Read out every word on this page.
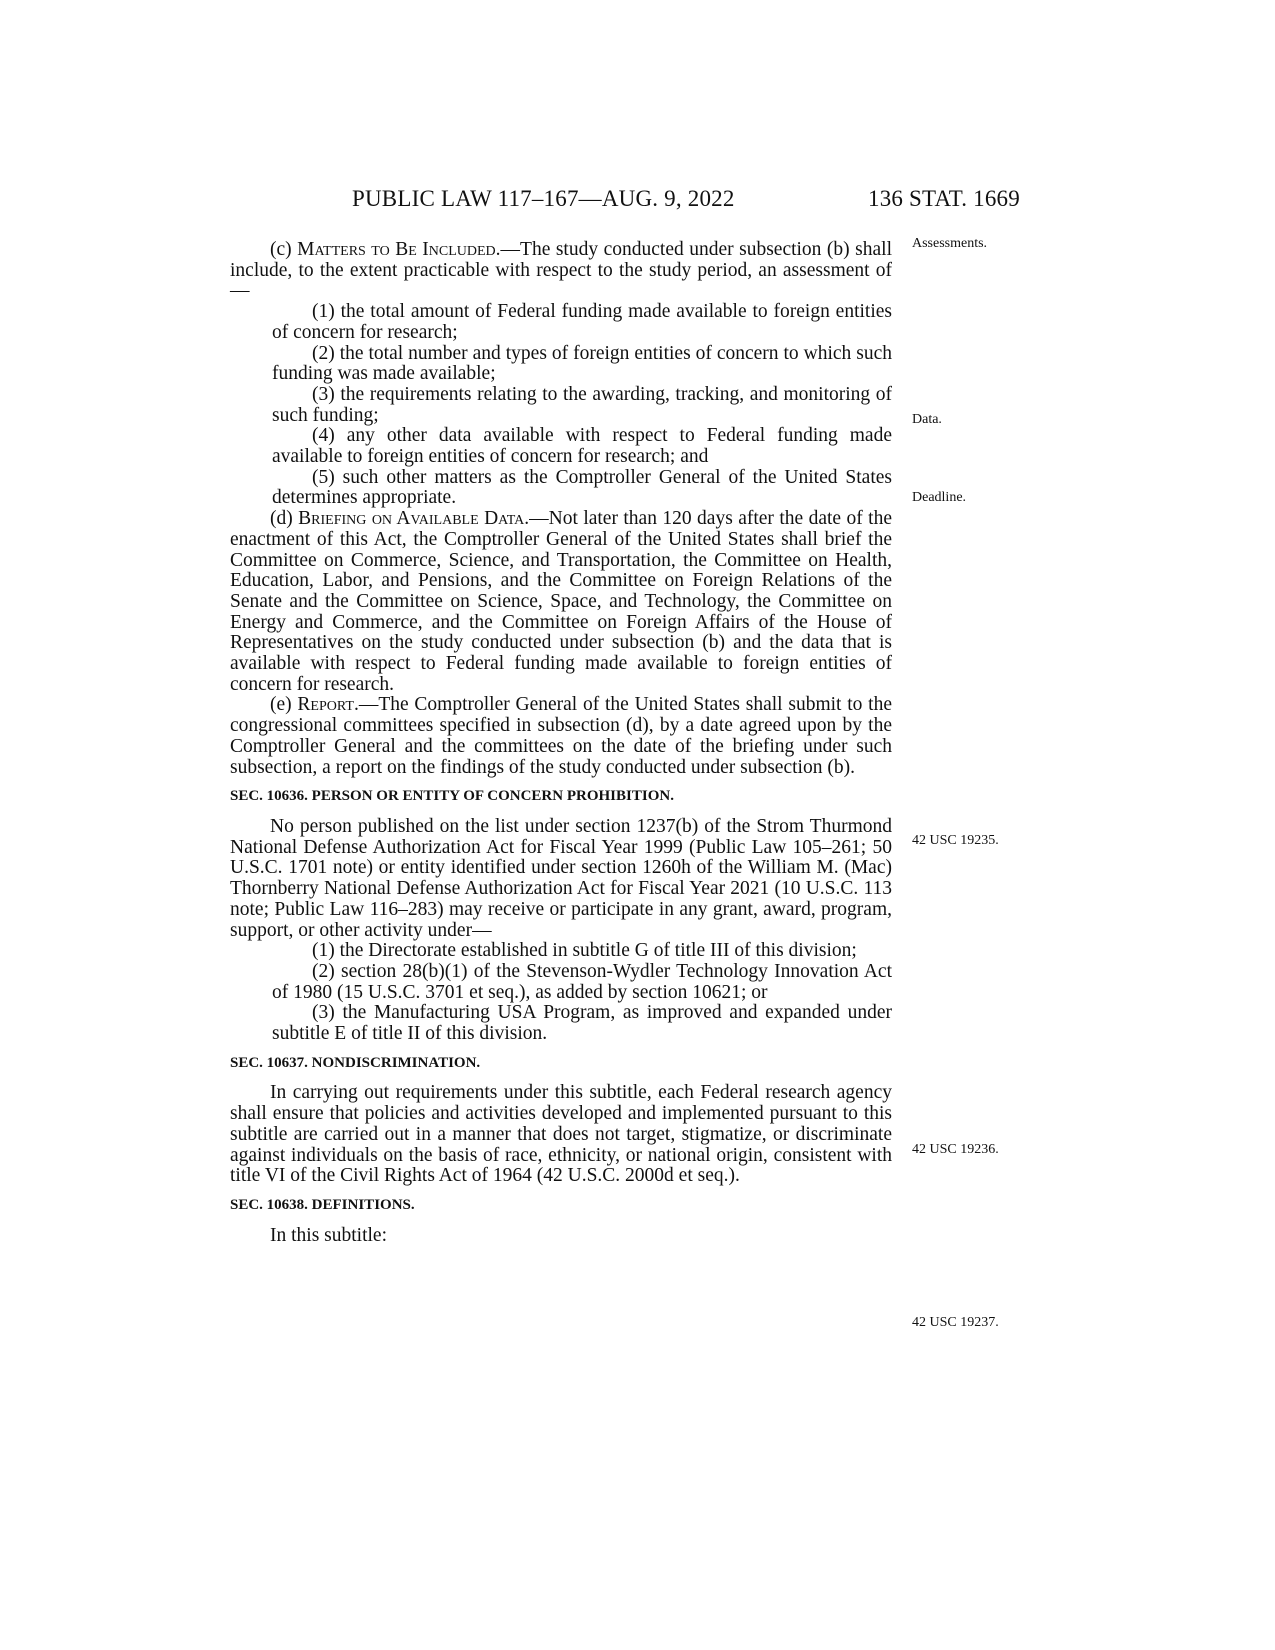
PUBLIC LAW 117–167—AUG. 9, 2022	136 STAT. 1669
Assessments.
Data.
Deadline.
42 USC 19235.
42 USC 19236.
42 USC 19237.

(c) Matters to Be Included.—The study conducted under subsection (b) shall include, to the extent practicable with respect to the study period, an assessment of—

(1) the total amount of Federal funding made available to foreign entities of concern for research;

(2) the total number and types of foreign entities of concern to which such funding was made available;

(3) the requirements relating to the awarding, tracking, and monitoring of such funding;

(4) any other data available with respect to Federal funding made available to foreign entities of concern for research; and

(5) such other matters as the Comptroller General of the United States determines appropriate.

(d) Briefing on Available Data.—Not later than 120 days after the date of the enactment of this Act, the Comptroller General of the United States shall brief the Committee on Commerce, Science, and Transportation, the Committee on Health, Education, Labor, and Pensions, and the Committee on Foreign Relations of the Senate and the Committee on Science, Space, and Technology, the Committee on Energy and Commerce, and the Committee on Foreign Affairs of the House of Representatives on the study conducted under subsection (b) and the data that is available with respect to Federal funding made available to foreign entities of concern for research.

(e) Report.—The Comptroller General of the United States shall submit to the congressional committees specified in subsection (d), by a date agreed upon by the Comptroller General and the committees on the date of the briefing under such subsection, a report on the findings of the study conducted under subsection (b).

SEC. 10636. PERSON OR ENTITY OF CONCERN PROHIBITION.

No person published on the list under section 1237(b) of the Strom Thurmond National Defense Authorization Act for Fiscal Year 1999 (Public Law 105–261; 50 U.S.C. 1701 note) or entity identified under section 1260h of the William M. (Mac) Thornberry National Defense Authorization Act for Fiscal Year 2021 (10 U.S.C. 113 note; Public Law 116–283) may receive or participate in any grant, award, program, support, or other activity under—

(1) the Directorate established in subtitle G of title III of this division;

(2) section 28(b)(1) of the Stevenson-Wydler Technology Innovation Act of 1980 (15 U.S.C. 3701 et seq.), as added by section 10621; or

(3) the Manufacturing USA Program, as improved and expanded under subtitle E of title II of this division.

SEC. 10637. NONDISCRIMINATION.

In carrying out requirements under this subtitle, each Federal research agency shall ensure that policies and activities developed and implemented pursuant to this subtitle are carried out in a manner that does not target, stigmatize, or discriminate against individuals on the basis of race, ethnicity, or national origin, consistent with title VI of the Civil Rights Act of 1964 (42 U.S.C. 2000d et seq.).

SEC. 10638. DEFINITIONS.

In this subtitle:
